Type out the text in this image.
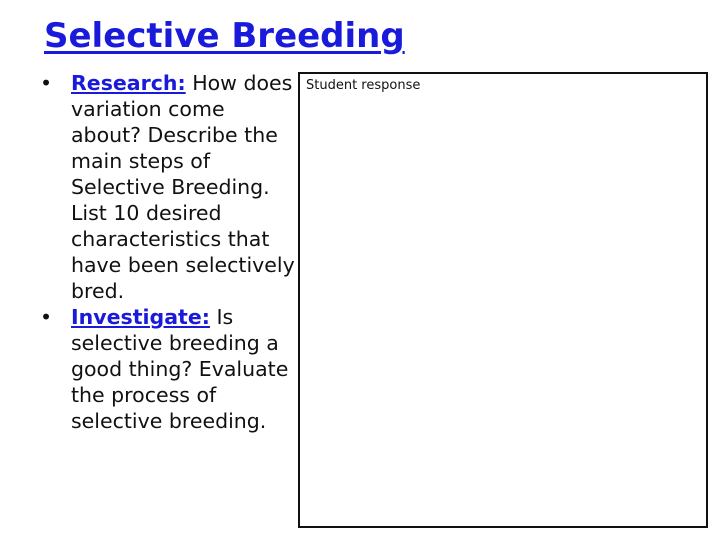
Selective Breeding
• Research: How does variation come about? Describe the main steps of Selective Breeding. List 10 desired characteristics that have been selectively bred.
• Investigate: Is selective breeding a good thing? Evaluate the process of selective breeding.
Student response
